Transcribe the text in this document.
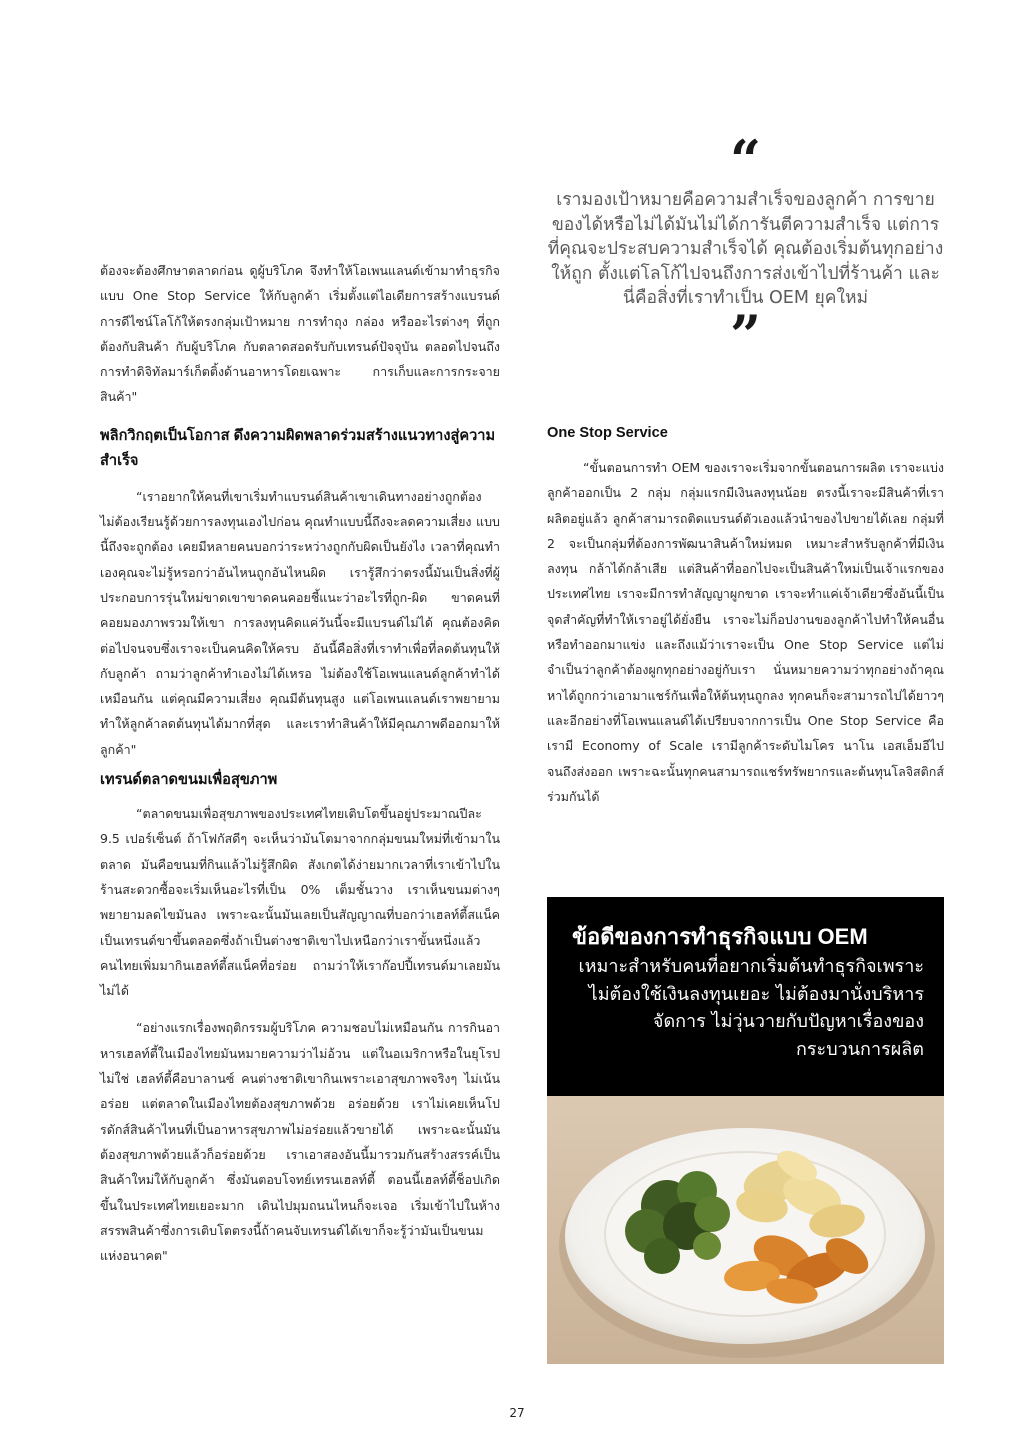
ต้องจะต้องศึกษาตลาดก่อน ดูผู้บริโภค จึงทำให้โอเพนแลนด์เข้ามาทำธุรกิจแบบ One Stop Service ให้กับลูกค้า เริ่มตั้งแต่ไอเดียการสร้างแบรนด์ การดีไซน์โลโก้ให้ตรงกลุ่มเป้าหมาย การทำถุง กล่อง หรืออะไรต่างๆ ที่ถูกต้องกับสินค้า กับผู้บริโภค กับตลาดสอดรับกับเทรนด์ปัจจุบัน ตลอดไปจนถึงการทำดิจิทัลมาร์เก็ตติ้งด้านอาหารโดยเฉพาะ การเก็บและการกระจายสินค้า"

พลิกวิกฤตเป็นโอกาส ดึงความผิดพลาดร่วมสร้างแนวทางสู่ความสำเร็จ

“เราอยากให้คนที่เขาเริ่มทำแบรนด์สินค้าเขาเดินทางอย่างถูกต้อง ไม่ต้องเรียนรู้ด้วยการลงทุนเองไปก่อน คุณทำแบบนี้ถึงจะลดความเสี่ยง แบบนี้ถึงจะถูกต้อง เคยมีหลายคนบอกว่าระหว่างถูกกับผิดเป็นยังไง เวลาที่คุณทำเองคุณจะไม่รู้หรอกว่าอันไหนถูกอันไหนผิด เรารู้สึกว่าตรงนี้มันเป็นสิ่งที่ผู้ประกอบการรุ่นใหม่ขาดเขาขาดคนคอยชี้แนะว่าอะไรที่ถูก-ผิด ขาดคนที่คอยมองภาพรวมให้เขา การลงทุนคิดแค่วันนี้จะมีแบรนด์ไม่ได้ คุณต้องคิดต่อไปจนจบซึ่งเราจะเป็นคนคิดให้ครบ อันนี้คือสิ่งที่เราทำเพื่อที่ลดต้นทุนให้กับลูกค้า ถามว่าลูกค้าทำเองไม่ได้เหรอ ไม่ต้องใช้โอเพนแลนด์ลูกค้าทำได้เหมือนกัน แต่คุณมีความเสี่ยง คุณมีต้นทุนสูง แต่โอเพนแลนด์เราพยายามทำให้ลูกค้าลดต้นทุนได้มากที่สุด และเราทำสินค้าให้มีคุณภาพดีออกมาให้ลูกค้า"

เทรนด์ตลาดขนมเพื่อสุขภาพ

“ตลาดขนมเพื่อสุขภาพของประเทศไทยเติบโตขึ้นอยู่ประมาณปีละ 9.5 เปอร์เซ็นต์ ถ้าโฟกัสดีๆ จะเห็นว่ามันโตมาจากกลุ่มขนมใหม่ที่เข้ามาในตลาด มันคือขนมที่กินแล้วไม่รู้สึกผิด สังเกตได้ง่ายมากเวลาที่เราเข้าไปในร้านสะดวกซื้อจะเริ่มเห็นอะไรที่เป็น 0% เต็มชั้นวาง เราเห็นขนมต่างๆ พยายามลดไขมันลง เพราะฉะนั้นมันเลยเป็นสัญญาณที่บอกว่าเฮลท์ตี้สแน็คเป็นเทรนด์ขาขึ้นตลอดซึ่งถ้าเป็นต่างชาติเขาไปเหนือกว่าเราขั้นหนึ่งแล้ว คนไทยเพิ่มมากินเฮลท์ตี้สแน็คที่อร่อย ถามว่าให้เราก๊อปปี้เทรนด์มาเลยมันไม่ได้

“อย่างแรกเรื่องพฤติกรรมผู้บริโภค ความชอบไม่เหมือนกัน การกินอาหารเฮลท์ตี้ในเมืองไทยมันหมายความว่าไม่อ้วน แต่ในอเมริกาหรือในยุโรปไม่ใช่ เฮลท์ตี้คือบาลานซ์ คนต่างชาติเขากินเพราะเอาสุขภาพจริงๆ ไม่เน้นอร่อย แต่ตลาดในเมืองไทยต้องสุขภาพด้วย อร่อยด้วย เราไม่เคยเห็นโปรดักส์สินค้าไหนที่เป็นอาหารสุขภาพไม่อร่อยแล้วขายได้ เพราะฉะนั้นมันต้องสุขภาพด้วยแล้วก็อร่อยด้วย เราเอาสองอันนี้มารวมกันสร้างสรรค์เป็นสินค้าใหม่ให้กับลูกค้า ซึ่งมันตอบโจทย์เทรนเฮลท์ตี้ ตอนนี้เฮลท์ตี้ช็อปเกิดขึ้นในประเทศไทยเยอะมาก เดินไปมุมถนนไหนก็จะเจอ เริ่มเข้าไปในห้างสรรพสินค้าซึ่งการเติบโตตรงนี้ถ้าคนจับเทรนด์ได้เขาก็จะรู้ว่ามันเป็นขนมแห่งอนาคต"

“
เรามองเป้าหมายคือความสำเร็จของลูกค้า การขายของได้หรือไม่ได้มันไม่ได้การันตีความสำเร็จ แต่การที่คุณจะประสบความสำเร็จได้ คุณต้องเริ่มต้นทุกอย่างให้ถูก ตั้งแต่โลโก้ไปจนถึงการส่งเข้าไปที่ร้านค้า และนี่คือสิ่งที่เราทำเป็น OEM ยุคใหม่
”
One Stop Service

“ขั้นตอนการทำ OEM ของเราจะเริ่มจากขั้นตอนการผลิต เราจะแบ่งลูกค้าออกเป็น 2 กลุ่ม กลุ่มแรกมีเงินลงทุนน้อย ตรงนี้เราจะมีสินค้าที่เราผลิตอยู่แล้ว ลูกค้าสามารถติดแบรนด์ตัวเองแล้วนำของไปขายได้เลย กลุ่มที่ 2 จะเป็นกลุ่มที่ต้องการพัฒนาสินค้าใหม่หมด เหมาะสำหรับลูกค้าที่มีเงินลงทุน กล้าได้กล้าเสีย แต่สินค้าที่ออกไปจะเป็นสินค้าใหม่เป็นเจ้าแรกของประเทศไทย เราจะมีการทำสัญญาผูกขาด เราจะทำแค่เจ้าเดียวซึ่งอันนี้เป็นจุดสำคัญที่ทำให้เราอยู่ได้ยั่งยืน เราจะไม่ก็อปงานของลูกค้าไปทำให้คนอื่นหรือทำออกมาแข่ง และถึงแม้ว่าเราจะเป็น One Stop Service แต่ไม่จำเป็นว่าลูกค้าต้องผูกทุกอย่างอยู่กับเรา นั่นหมายความว่าทุกอย่างถ้าคุณหาได้ถูกกว่าเอามาแชร์กันเพื่อให้ต้นทุนถูกลง ทุกคนก็จะสามารถไปได้ยาวๆ และอีกอย่างที่โอเพนแลนด์ได้เปรียบจากการเป็น One Stop Service คือเรามี Economy of Scale เรามีลูกค้าระดับไมโคร นาโน เอสเอ็มอีไปจนถึงส่งออก เพราะฉะนั้นทุกคนสามารถแชร์ทรัพยากรและต้นทุนโลจิสติกส์ร่วมกันได้

ข้อดีของการทำธุรกิจแบบ OEM
เหมาะสำหรับคนที่อยากเริ่มต้นทำธุรกิจเพราะไม่ต้องใช้เงินลงทุนเยอะ ไม่ต้องมานั่งบริหารจัดการ ไม่วุ่นวายกับปัญหาเรื่องของกระบวนการผลิต
27
